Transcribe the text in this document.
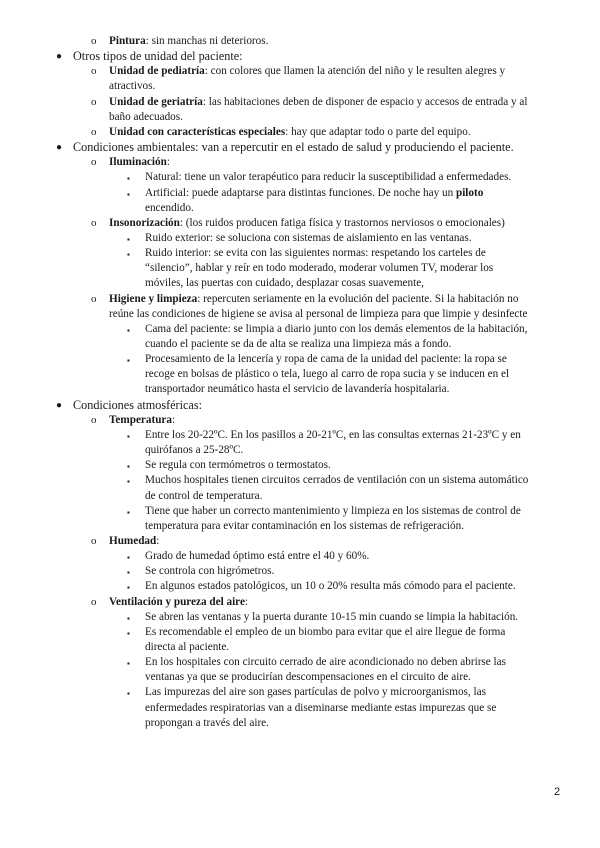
o Pintura: sin manchas ni deterioros.
● Otros tipos de unidad del paciente:
o Unidad de pediatría: con colores que llamen la atención del niño y le resulten alegres y
atractivos.
o Unidad de geriatría: las habitaciones deben de disponer de espacio y accesos de entrada y al
baño adecuados.
o Unidad con características especiales: hay que adaptar todo o parte del equipo.
● Condiciones ambientales: van a repercutir en el estado de salud y produciendo el paciente.
o Iluminación:
▪ Natural: tiene un valor terapéutico para reducir la susceptibilidad a enfermedades.
▪ Artificial: puede adaptarse para distintas funciones. De noche hay un piloto
encendido.
o Insonorización: (los ruidos producen fatiga física y trastornos nerviosos o emocionales)
▪ Ruido exterior: se soluciona con sistemas de aislamiento en las ventanas.
▪ Ruido interior: se evita con las siguientes normas: respetando los carteles de
“silencio”, hablar y reír en todo moderado, moderar volumen TV, moderar los
móviles, las puertas con cuidado, desplazar cosas suavemente,
o Higiene y limpieza: repercuten seriamente en la evolución del paciente. Si la habitación no
reúne las condiciones de higiene se avisa al personal de limpieza para que limpie y desinfecte
▪ Cama del paciente: se limpia a diario junto con los demás elementos de la habitación,
cuando el paciente se da de alta se realiza una limpieza más a fondo.
▪ Procesamiento de la lencería y ropa de cama de la unidad del paciente: la ropa se
recoge en bolsas de plástico o tela, luego al carro de ropa sucia y se inducen en el
transportador neumático hasta el servicio de lavandería hospitalaria.
● Condiciones atmosféricas:
o Temperatura:
▪ Entre los 20-22ºC. En los pasillos a 20-21ºC, en las consultas externas 21-23ºC y en
quirófanos a 25-28ºC.
▪ Se regula con termómetros o termostatos.
▪ Muchos hospitales tienen circuitos cerrados de ventilación con un sistema automático
de control de temperatura.
▪ Tiene que haber un correcto mantenimiento y limpieza en los sistemas de control de
temperatura para evitar contaminación en los sistemas de refrigeración.
o Humedad:
▪ Grado de humedad óptimo está entre el 40 y 60%.
▪ Se controla con higrómetros.
▪ En algunos estados patológicos, un 10 o 20% resulta más cómodo para el paciente.
o Ventilación y pureza del aire:
▪ Se abren las ventanas y la puerta durante 10-15 min cuando se limpia la habitación.
▪ Es recomendable el empleo de un biombo para evitar que el aire llegue de forma
directa al paciente.
▪ En los hospitales con circuito cerrado de aire acondicionado no deben abrirse las
ventanas ya que se producirían descompensaciones en el circuito de aire.
▪ Las impurezas del aire son gases partículas de polvo y microorganismos, las
enfermedades respiratorias van a diseminarse mediante estas impurezas que se
propongan a través del aire.
2
